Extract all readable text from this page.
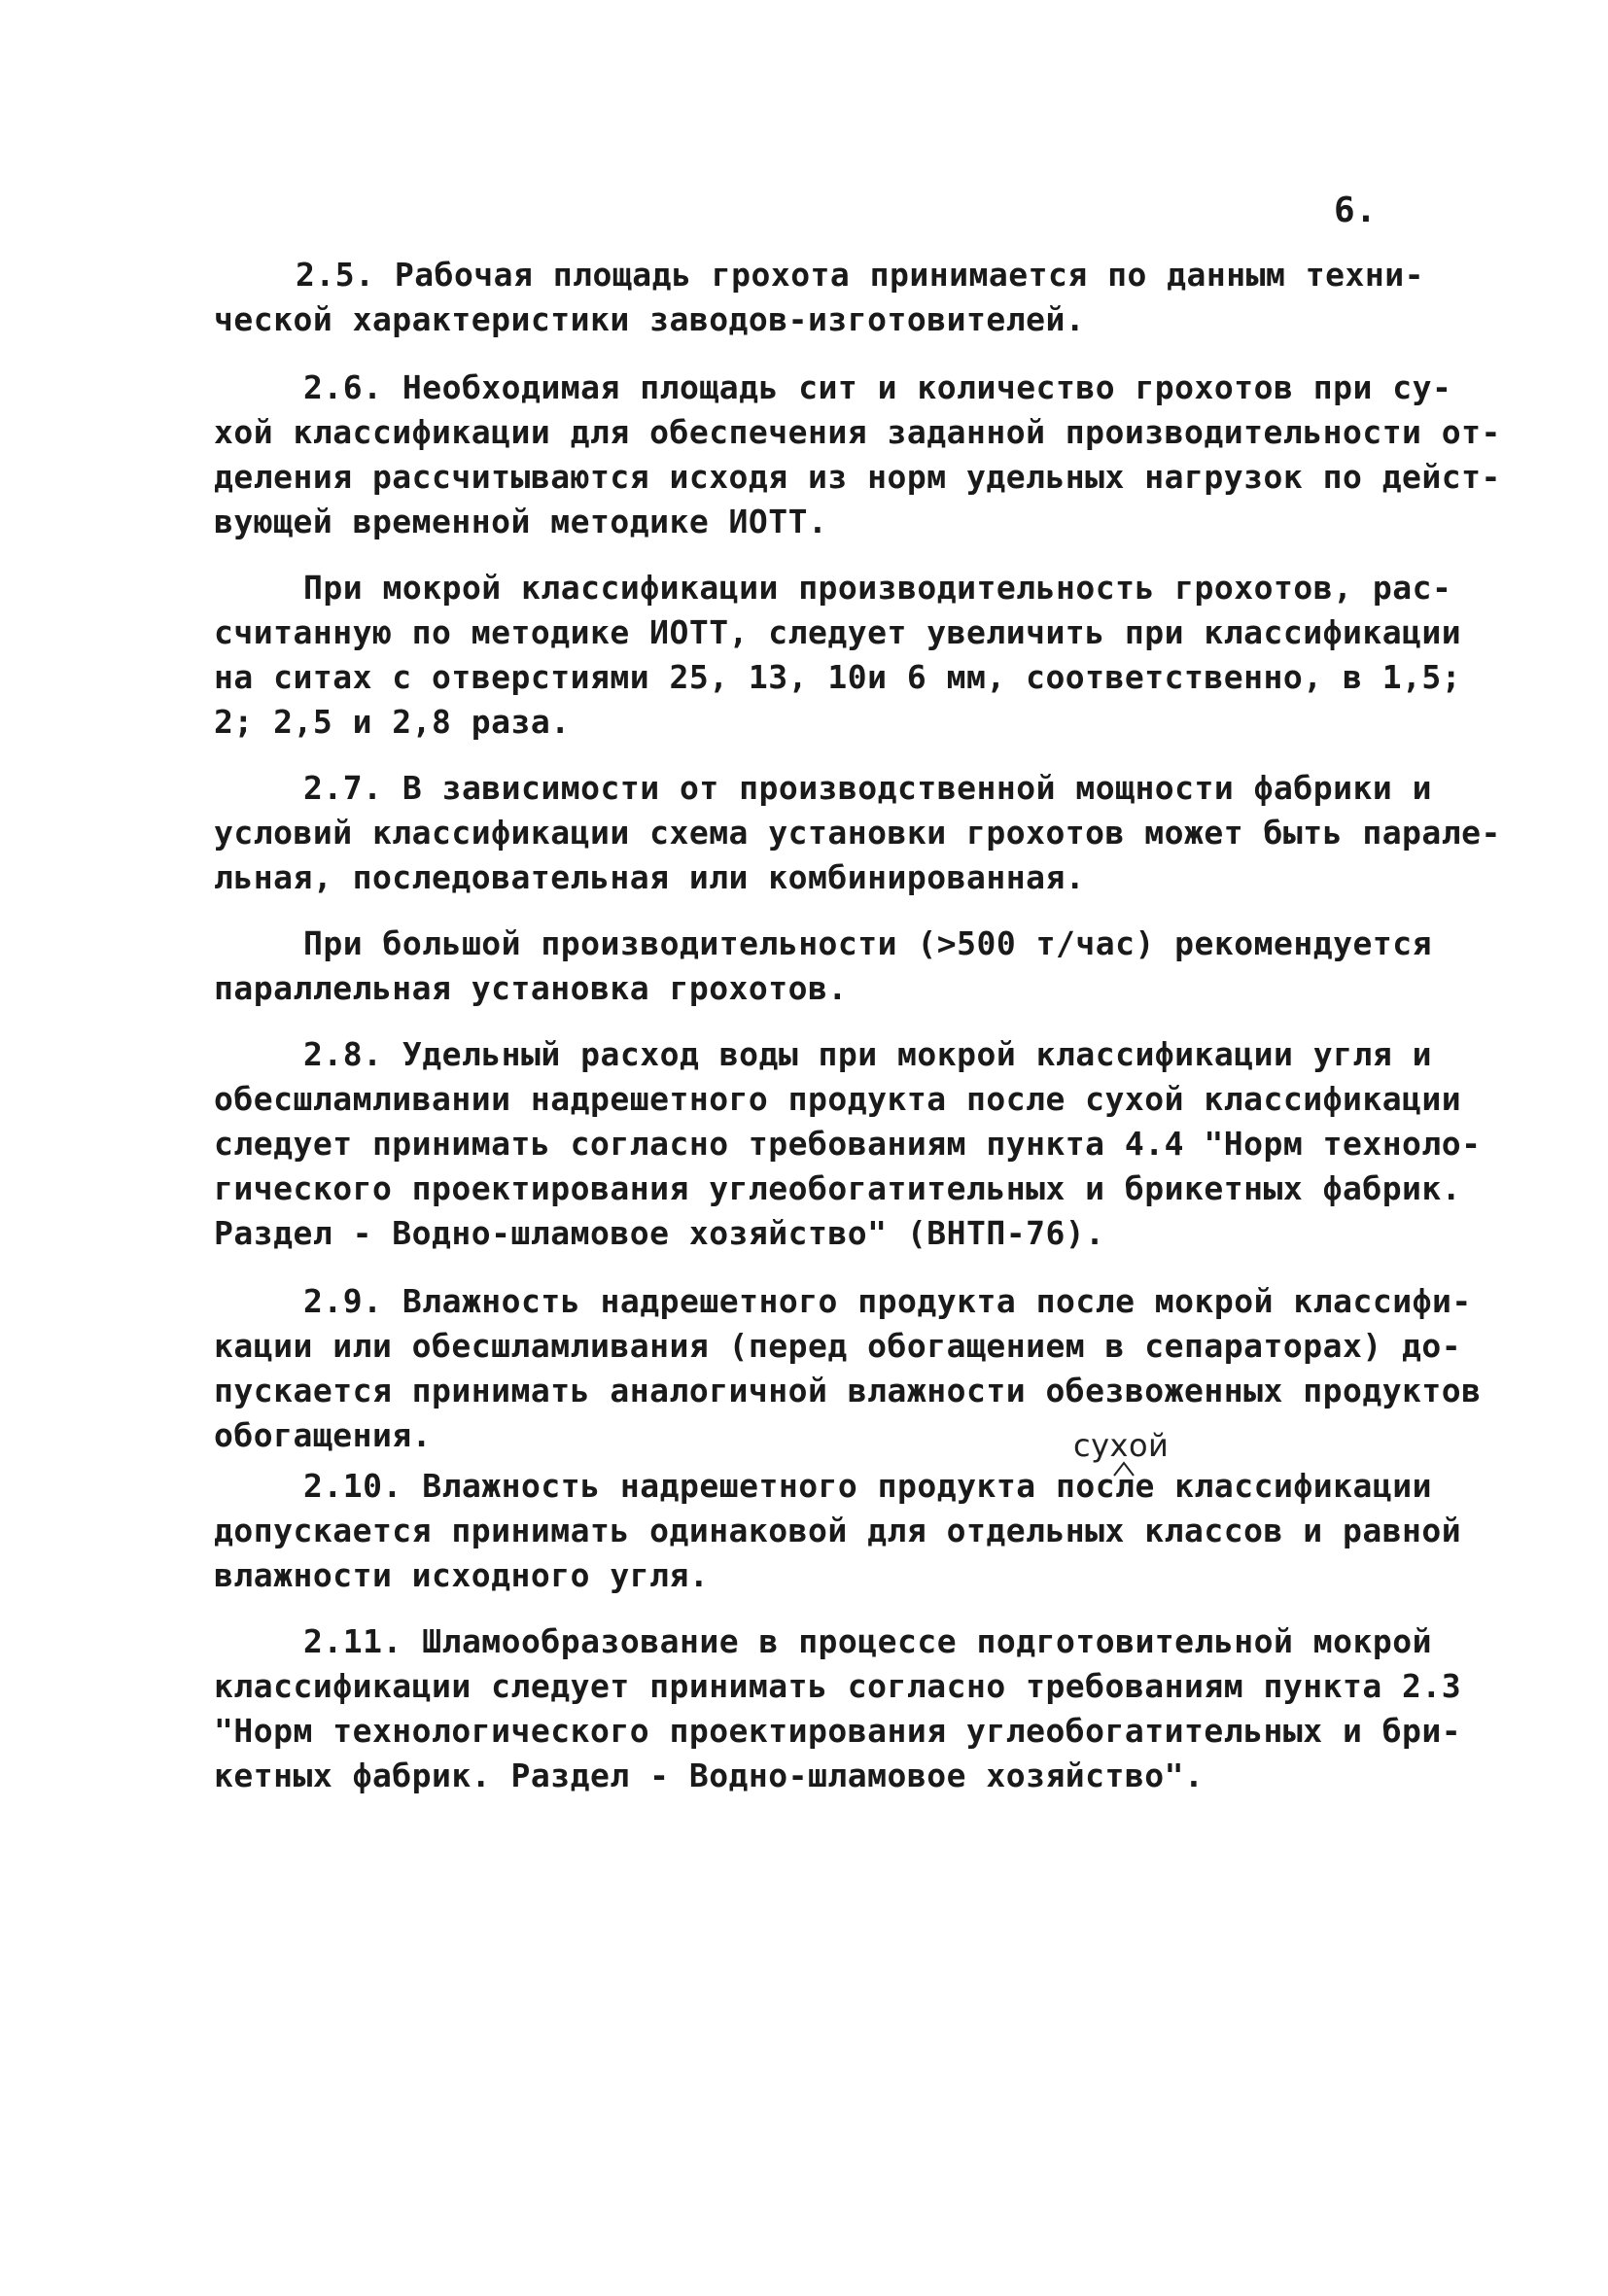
6.
2.5. Рабочая площадь грохота принимается по данным техни-
ческой характеристики заводов-изготовителей.
2.6. Необходимая площадь сит и количество грохотов при су-
хой классификации для обеспечения заданной производительности от-
деления рассчитываются исходя из норм удельных нагрузок по дейст-
вующей временной методике ИОТТ.
При мокрой классификации производительность грохотов, рас-
считанную по методике ИОТТ, следует увеличить при классификации
на ситах с отверстиями 25, 13, 10и 6 мм, соответственно, в 1,5;
2; 2,5 и 2,8 раза.
2.7. В зависимости от производственной мощности фабрики и
условий классификации схема установки грохотов может быть парале-
льная, последовательная или комбинированная.
При большой производительности (>500 т/час) рекомендуется
параллельная установка грохотов.
2.8. Удельный расход воды при мокрой классификации угля и
обесшламливании надрешетного продукта после сухой классификации
следует принимать согласно требованиям пункта 4.4 "Норм техноло-
гического проектирования углеобогатительных и брикетных фабрик.
Раздел - Водно-шламовое хозяйство" (ВНТП-76).
2.9. Влажность надрешетного продукта после мокрой классифи-
кации или обесшламливания (перед обогащением в сепараторах) до-
пускается принимать аналогичной влажности обезвоженных продуктов
обогащения.	сухой
2.10. Влажность надрешетного продукта после классификации
допускается принимать одинаковой для отдельных классов и равной
влажности исходного угля.
2.11. Шламообразование в процессе подготовительной мокрой
классификации следует принимать согласно требованиям пункта 2.3
"Норм технологического проектирования углеобогатительных и бри-
кетных фабрик. Раздел - Водно-шламовое хозяйство".
